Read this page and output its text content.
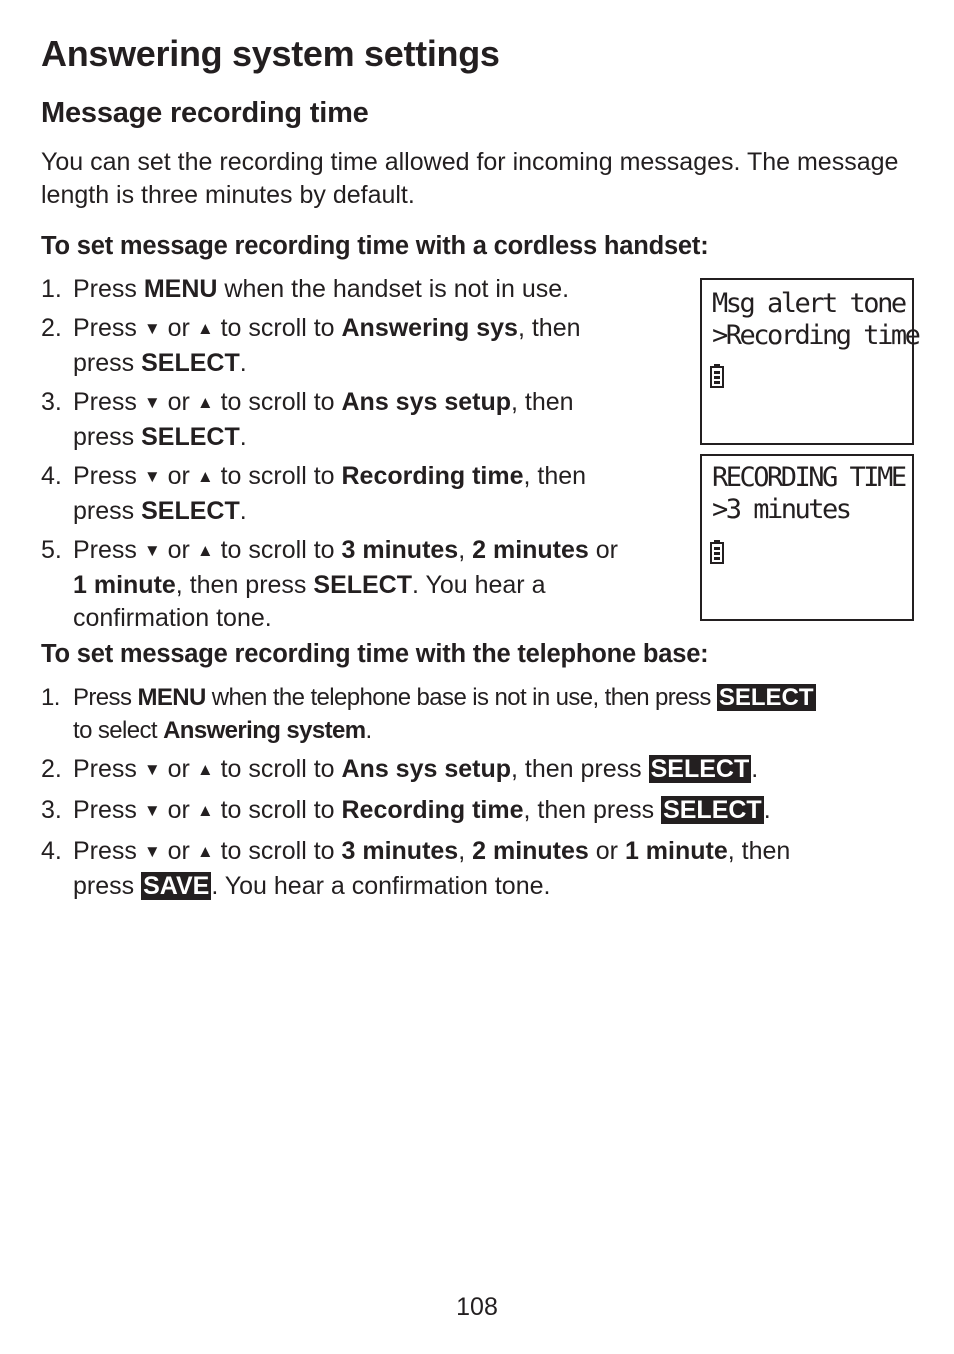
Answering system settings
Message recording time

You can set the recording time allowed for incoming messages. The message length is three minutes by default.

To set message recording time with a cordless handset:
1. Press MENU when the handset is not in use.
2. Press ▼ or ▲ to scroll to Answering sys, then
press SELECT.
3. Press ▼ or ▲ to scroll to Ans sys setup, then
press SELECT.
4. Press ▼ or ▲ to scroll to Recording time, then
press SELECT.
5. Press ▼ or ▲ to scroll to 3 minutes, 2 minutes or
1 minute, then press SELECT. You hear a
confirmation tone.
Msg alert tone
>Recording time
RECORDING TIME
>3 minutes
To set message recording time with the telephone base:
1. Press MENU when the telephone base is not in use, then press SELECT
to select Answering system.
2. Press ▼ or ▲ to scroll to Ans sys setup, then press SELECT.
3. Press ▼ or ▲ to scroll to Recording time, then press SELECT.
4. Press ▼ or ▲ to scroll to 3 minutes, 2 minutes or 1 minute, then
press SAVE. You hear a confirmation tone.
108
